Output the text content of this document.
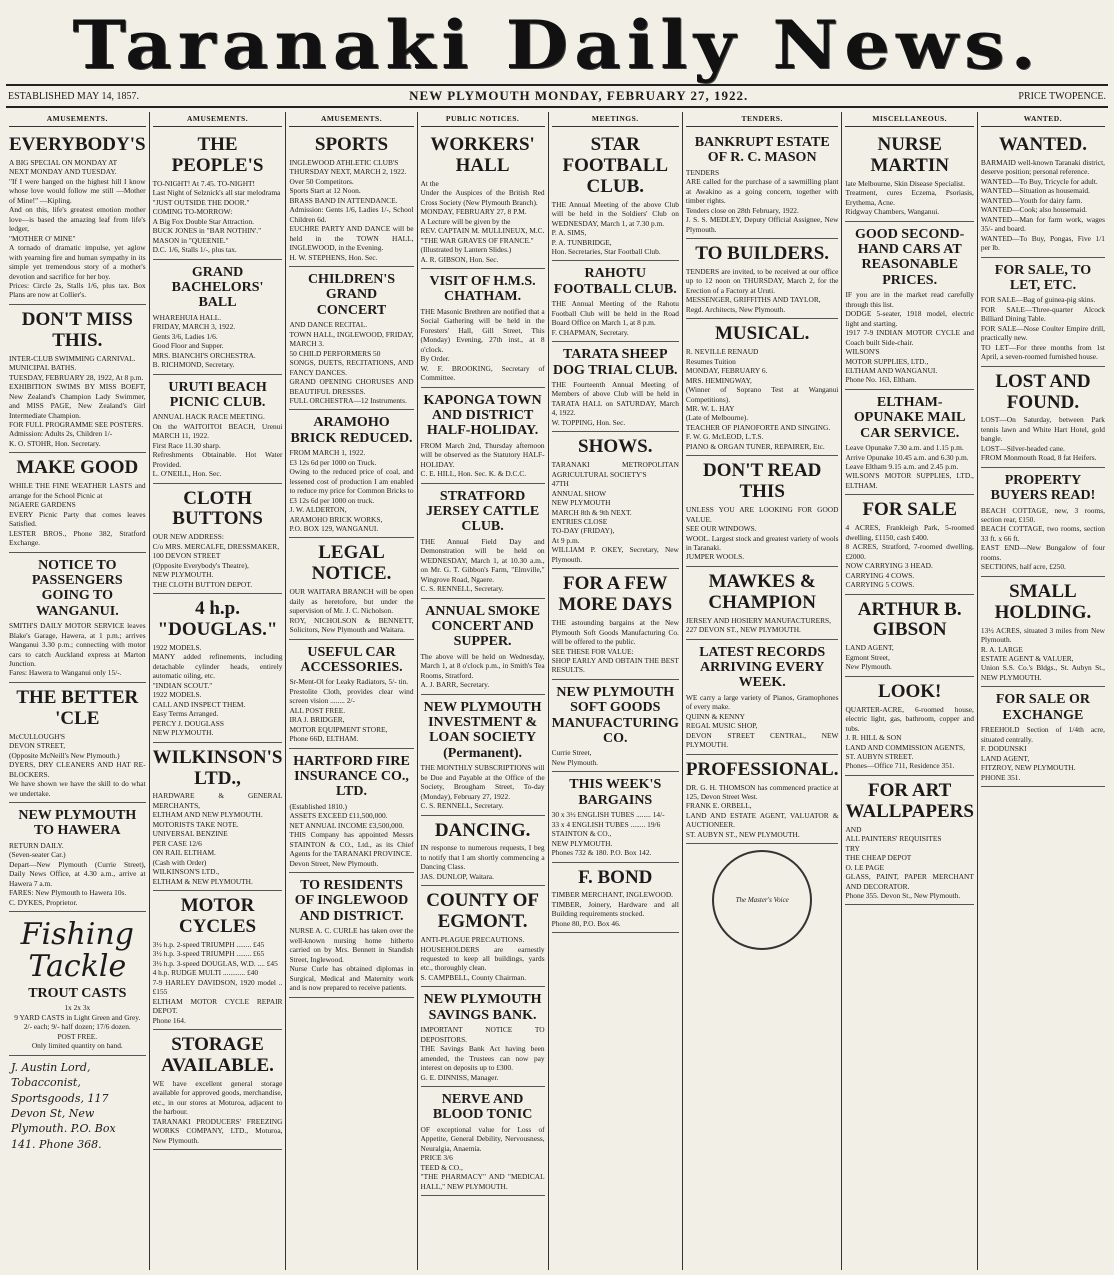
Taranaki Daily News.
ESTABLISHED MAY 14, 1857.	NEW PLYMOUTH MONDAY, FEBRUARY 27, 1922.	PRICE TWOPENCE.
AMUSEMENTS.
EVERYBODY'S
A BIG SPECIAL ON MONDAY AT
NEXT MONDAY AND TUESDAY.
"If I were hanged on the highest hill I know whose love would follow me still —Mother of Mine!" —Kipling.
And on this, life's greatest emotion mother love—is based the amazing leaf from life's ledger,
"MOTHER O' MINE"
A tornado of dramatic impulse, yet aglow with yearning fire and human sympathy in its simple yet tremendous story of a mother's devotion and sacrifice for her boy.
Prices: Circle 2s, Stalls 1/6, plus tax. Box Plans are now at Collier's.
DON'T MISS THIS.
INTER-CLUB SWIMMING CARNIVAL.
MUNICIPAL BATHS.
TUESDAY, FEBRUARY 28, 1922, At 8 p.m.
EXHIBITION SWIMS BY MISS BOEFT, New Zealand's Champion Lady Swimmer, and MISS PAGE, New Zealand's Girl Intermediate Champion.
FOR FULL PROGRAMME SEE POSTERS.
Admission: Adults 2s, Children 1/-
K. O. STOHR, Hon. Secretary.
MAKE GOOD
WHILE THE FINE WEATHER LASTS and arrange for the School Picnic at
NGAERE GARDENS
EVERY Picnic Party that comes leaves Satisfied.
LESTER BROS., Phone 382, Stratford Exchange.
NOTICE TO PASSENGERS GOING TO WANGANUI.
SMITH'S DAILY MOTOR SERVICE leaves Blake's Garage, Hawera, at 1 p.m.; arrives Wanganui 3.30 p.m.; connecting with motor cars to catch Auckland express at Marton Junction.
Fares: Hawera to Wanganui only 15/-.
THE BETTER 'CLE
McCULLOUGH'S
DEVON STREET,
(Opposite McNeill's New Plymouth.)
DYERS, DRY CLEANERS AND HAT RE-BLOCKERS.
We have shown we have the skill to do what we undertake.
NEW PLYMOUTH TO HAWERA
RETURN DAILY.
(Seven-seater Car.)
Depart—New Plymouth (Currie Street), Daily News Office, at 4.30 a.m., arrive at Hawera 7 a.m.
FARES: New Plymouth to Hawera 10s.
C. DYKES, Proprietor.
Fishing Tackle
TROUT CASTS
1x 2x 3x
9 YARD CASTS in Light Green and Grey.
2/- each; 9/- half dozen; 17/6 dozen.
POST FREE.
Only limited quantity on hand.
J. Austin Lord, Tobacconist, Sportsgoods, 117 Devon St, New Plymouth. P.O. Box 141. Phone 368.
AMUSEMENTS.
THE PEOPLE'S
TO-NIGHT! At 7.45. TO-NIGHT!
Last Night of Selznick's all star melodrama
"JUST OUTSIDE THE DOOR."
COMING TO-MORROW:
A Big Fox Double Star Attraction.
BUCK JONES in "BAR NOTHIN'."
MASON in "QUEENIE."
D.C. 1/6, Stalls 1/-, plus tax.
GRAND BACHELORS' BALL
WHAREHUIA HALL.
FRIDAY, MARCH 3, 1922.
Gents 3/6, Ladies 1/6.
Good Floor and Supper.
MRS. BIANCHI'S ORCHESTRA.
B. RICHMOND, Secretary.
URUTI BEACH PICNIC CLUB.
ANNUAL HACK RACE MEETING.
On the WAITOITOI BEACH, Urenui MARCH 11, 1922.
First Race 11.30 sharp.
Refreshments Obtainable. Hot Water Provided.
L. O'NEILL, Hon. Sec.
CLOTH BUTTONS
OUR NEW ADDRESS:
C/o MRS. MERCALFE, DRESSMAKER,
100 DEVON STREET
(Opposite Everybody's Theatre),
NEW PLYMOUTH.
THE CLOTH BUTTON DEPOT.
4 h.p. "DOUGLAS."
1922 MODELS.
MANY added refinements, including detachable cylinder heads, entirely automatic oiling, etc.
"INDIAN SCOUT."
1922 MODELS.
CALL AND INSPECT THEM.
Easy Terms Arranged.
PERCY J. DOUGLASS
NEW PLYMOUTH.
WILKINSON'S LTD.,
HARDWARE & GENERAL MERCHANTS,
ELTHAM AND NEW PLYMOUTH.
MOTORISTS TAKE NOTE.
UNIVERSAL BENZINE
PER CASE 12/6
ON RAIL ELTHAM.
(Cash with Order)
WILKINSON'S LTD.,
ELTHAM & NEW PLYMOUTH.
MOTOR CYCLES
3½ h.p. 2-speed TRIUMPH ........ £45
3½ h.p. 3-speed TRIUMPH ........ £65
3½ h.p. 3-speed DOUGLAS, W.D. .... £45
4 h.p. RUDGE MULTI ............ £40
7-9 HARLEY DAVIDSON, 1920 model .. £155
ELTHAM MOTOR CYCLE REPAIR DEPOT.
Phone 164.
STORAGE AVAILABLE.
WE have excellent general storage available for approved goods, merchandise, etc., in our stores at Moturoa, adjacent to the harbour.
TARANAKI PRODUCERS' FREEZING WORKS COMPANY, LTD., Moturoa, New Plymouth.
AMUSEMENTS.
SPORTS
INGLEWOOD ATHLETIC CLUB'S
THURSDAY NEXT, MARCH 2, 1922.
Over 50 Competitors.
Sports Start at 12 Noon.
BRASS BAND IN ATTENDANCE.
Admission: Gents 1/6, Ladies 1/-, School Children 6d.
EUCHRE PARTY AND DANCE will be held in the TOWN HALL, INGLEWOOD, in the Evening.
H. W. STEPHENS, Hon. Sec.
CHILDREN'S GRAND CONCERT
AND DANCE RECITAL.
TOWN HALL, INGLEWOOD, FRIDAY, MARCH 3.
50 CHILD PERFORMERS 50
SONGS, DUETS, RECITATIONS, AND FANCY DANCES.
GRAND OPENING CHORUSES AND BEAUTIFUL DRESSES.
FULL ORCHESTRA—12 Instruments.
ARAMOHO BRICK REDUCED.
FROM MARCH 1, 1922.
£3 12s 6d per 1000 on Truck.
Owing to the reduced price of coal, and lessened cost of production I am enabled to reduce my price for Common Bricks to £3 12s 6d per 1000 on truck.
J. W. ALDERTON,
ARAMOHO BRICK WORKS,
P.O. BOX 129, WANGANUI.
LEGAL NOTICE.
OUR WAITARA BRANCH will be open daily as heretofore, but under the supervision of Mr. J. C. Nicholson.
ROY, NICHOLSON & BENNETT, Solicitors, New Plymouth and Waitara.
USEFUL CAR ACCESSORIES.
Sr-Ment-Ol for Leaky Radiators, 5/- tin.
Prestolite Cloth, provides clear wind screen vision ........ 2/-
ALL POST FREE.
IRA J. BRIDGER,
MOTOR EQUIPMENT STORE,
Phone 66D, ELTHAM.
HARTFORD FIRE INSURANCE CO., LTD.
(Established 1810.)
ASSETS EXCEED £11,500,000.
NET ANNUAL INCOME £3,500,000.
THIS Company has appointed Messrs STAINTON & CO., Ltd., as its Chief Agents for the TARANAKI PROVINCE.
Devon Street, New Plymouth.
TO RESIDENTS OF INGLEWOOD AND DISTRICT.
NURSE A. C. CURLE has taken over the well-known nursing home hitherto carried on by Mrs. Bennett in Standish Street, Inglewood.
Nurse Curle has obtained diplomas in Surgical, Medical and Maternity work and is now prepared to receive patients.
PUBLIC NOTICES.
WORKERS' HALL
At the
Under the Auspices of the British Red Cross Society (New Plymouth Branch).
MONDAY, FEBRUARY 27, 8 P.M.
A Lecture will be given by the
REV. CAPTAIN M. MULLINEUX, M.C.
"THE WAR GRAVES OF FRANCE."
(Illustrated by Lantern Slides.)
A. R. GIBSON, Hon. Sec.
VISIT OF H.M.S. CHATHAM.
THE Masonic Brethren are notified that a Social Gathering will be held in the Foresters' Hall, Gill Street, This (Monday) Evening, 27th inst., at 8 o'clock.
By Order.
W. F. BROOKING, Secretary of Committee.
KAPONGA TOWN AND DISTRICT HALF-HOLIDAY.
FROM March 2nd, Thursday afternoon will be observed as the Statutory HALF-HOLIDAY.
C. E. HILL, Hon. Sec. K. & D.C.C.
STRATFORD JERSEY CATTLE CLUB.
THE Annual Field Day and Demonstration will be held on WEDNESDAY, March 1, at 10.30 a.m., on Mr. G. T. Gibbon's Farm, "Elmville," Wingrove Road, Ngaere.
C. S. RENNELL, Secretary.
ANNUAL SMOKE CONCERT AND SUPPER.
The above will be held on Wednesday, March 1, at 8 o'clock p.m., in Smith's Tea Rooms, Stratford.
A. J. BARR, Secretary.
NEW PLYMOUTH INVESTMENT & LOAN SOCIETY (Permanent).
THE MONTHLY SUBSCRIPTIONS will be Due and Payable at the Office of the Society, Brougham Street, To-day (Monday), February 27, 1922.
C. S. RENNELL, Secretary.
DANCING.
IN response to numerous requests, I beg to notify that I am shortly commencing a Dancing Class.
JAS. DUNLOP, Waitara.
COUNTY OF EGMONT.
ANTI-PLAGUE PRECAUTIONS.
HOUSEHOLDERS are earnestly requested to keep all buildings, yards etc., thoroughly clean.
S. CAMPBELL, County Chairman.
NEW PLYMOUTH SAVINGS BANK.
IMPORTANT NOTICE TO DEPOSITORS.
THE Savings Bank Act having been amended, the Trustees can now pay interest on deposits up to £300.
G. E. DINNISS, Manager.
NERVE AND BLOOD TONIC
OF exceptional value for Loss of Appetite, General Debility, Nervousness, Neuralgia, Anaemia.
PRICE 3/6
TEED & CO.,
"THE PHARMACY" AND "MEDICAL HALL," NEW PLYMOUTH.
MEETINGS.
STAR FOOTBALL CLUB.
THE Annual Meeting of the above Club will be held in the Soldiers' Club on WEDNESDAY, March 1, at 7.30 p.m.
P. A. SIMS,
P. A. TUNBRIDGE,
Hon. Secretaries, Star Football Club.
RAHOTU FOOTBALL CLUB.
THE Annual Meeting of the Rahotu Football Club will be held in the Road Board Office on March 1, at 8 p.m.
F. CHAPMAN, Secretary.
TARATA SHEEP DOG TRIAL CLUB.
THE Fourteenth Annual Meeting of Members of above Club will be held in TARATA HALL on SATURDAY, March 4, 1922.
W. TOPPING, Hon. Sec.
SHOWS.
TARANAKI METROPOLITAN AGRICULTURAL SOCIETY'S
47TH
ANNUAL SHOW
NEW PLYMOUTH
MARCH 8th & 9th NEXT.
ENTRIES CLOSE
TO-DAY (FRIDAY),
At 9 p.m.
WILLIAM P. OKEY, Secretary, New Plymouth.
FOR A FEW MORE DAYS
THE astounding bargains at the New Plymouth Soft Goods Manufacturing Co. will be offered to the public.
SEE THESE FOR VALUE:
SHOP EARLY AND OBTAIN THE BEST RESULTS.
NEW PLYMOUTH SOFT GOODS MANUFACTURING CO.
Currie Street,
New Plymouth.
THIS WEEK'S BARGAINS
30 x 3½ ENGLISH TUBES ........ 14/-
33 x 4 ENGLISH TUBES ........ 19/6
STAINTON & CO.,
NEW PLYMOUTH.
Phones 732 & 180. P.O. Box 142.
F. BOND
TIMBER MERCHANT, INGLEWOOD.
TIMBER, Joinery, Hardware and all Building requirements stocked.
Phone 80, P.O. Box 46.
TENDERS.
BANKRUPT ESTATE OF R. C. MASON
TENDERS
ARE called for the purchase of a sawmilling plant at Awakino as a going concern, together with timber rights.
Tenders close on 28th February, 1922.
J. S. S. MEDLEY, Deputy Official Assignee, New Plymouth.
TO BUILDERS.
TENDERS are invited, to be received at our office up to 12 noon on THURSDAY, March 2, for the Erection of a Factory at Uruti.
MESSENGER, GRIFFITHS AND TAYLOR,
Regd. Architects, New Plymouth.
MUSICAL.
R. NEVILLE RENAUD
Resumes Tuition
MONDAY, FEBRUARY 6.
MRS. HEMINGWAY,
(Winner of Soprano Test at Wanganui Competitions).
MR. W. L. HAY
(Late of Melbourne).
TEACHER OF PIANOFORTE AND SINGING.
F. W. G. McLEOD, L.T.S.
PIANO & ORGAN TUNER, REPAIRER, Etc.
DON'T READ THIS
UNLESS YOU ARE LOOKING FOR GOOD VALUE.
SEE OUR WINDOWS.
WOOL. Largest stock and greatest variety of wools in Taranaki.
JUMPER WOOLS.
MAWKES & CHAMPION
JERSEY AND HOSIERY MANUFACTURERS,
227 DEVON ST., NEW PLYMOUTH.
LATEST RECORDS ARRIVING EVERY WEEK.
WE carry a large variety of Pianos, Gramophones of every make.
QUINN & KENNY
REGAL MUSIC SHOP,
DEVON STREET CENTRAL, NEW PLYMOUTH.
PROFESSIONAL.
DR. G. H. THOMSON has commenced practice at 125, Devon Street West.
FRANK E. ORBELL,
LAND AND ESTATE AGENT, VALUATOR & AUCTIONEER.
ST. AUBYN ST., NEW PLYMOUTH.
The Master's Voice
MISCELLANEOUS.
NURSE MARTIN
late Melbourne, Skin Disease Specialist.
Treatment, cures Eczema, Psoriasis, Erythema, Acne.
Ridgway Chambers, Wanganui.
GOOD SECOND-HAND CARS AT REASONABLE PRICES.
IF you are in the market read carefully through this list.
DODGE 5-seater, 1918 model, electric light and starting.
1917 7-9 INDIAN MOTOR CYCLE and Coach built Side-chair.
WILSON'S
MOTOR SUPPLIES, LTD.,
ELTHAM AND WANGANUI.
Phone No. 163, Eltham.
ELTHAM-OPUNAKE MAIL CAR SERVICE.
Leave Opunake 7.30 a.m. and 1.15 p.m.
Arrive Opunake 10.45 a.m. and 6.30 p.m.
Leave Eltham 9.15 a.m. and 2.45 p.m.
WILSON'S MOTOR SUPPLIES, LTD., ELTHAM.
FOR SALE
4 ACRES, Frankleigh Park, 5-roomed dwelling, £1150, cash £400.
8 ACRES, Stratford, 7-roomed dwelling, £2000.
NOW CARRYING 3 HEAD.
CARRYING 4 COWS.
CARRYING 5 COWS.
ARTHUR B. GIBSON
LAND AGENT,
Egmont Street,
New Plymouth.
LOOK!
QUARTER-ACRE, 6-roomed house, electric light, gas, bathroom, copper and tubs.
J. R. HILL & SON
LAND AND COMMISSION AGENTS,
ST. AUBYN STREET.
Phones—Office 711, Residence 351.
FOR ART WALLPAPERS
AND
ALL PAINTERS' REQUISITES
TRY
THE CHEAP DEPOT
O. LE PAGE
GLASS, PAINT, PAPER MERCHANT AND DECORATOR.
Phone 355. Devon St., New Plymouth.
WANTED.
WANTED.
BARMAID well-known Taranaki district, deserve position; personal reference.
WANTED—To Buy, Tricycle for adult.
WANTED—Situation as housemaid.
WANTED—Youth for dairy farm.
WANTED—Cook; also housemaid.
WANTED—Man for farm work, wages 35/- and board.
WANTED—To Buy, Pongas, Five 1/1 per lb.
FOR SALE, TO LET, ETC.
FOR SALE—Bag of guinea-pig skins.
FOR SALE—Three-quarter Alcock Billiard Dining Table.
FOR SALE—Nose Coulter Empire drill, practically new.
TO LET—For three months from 1st April, a seven-roomed furnished house.
LOST AND FOUND.
LOST—On Saturday, between Park tennis lawn and White Hart Hotel, gold bangle.
LOST—Silver-headed cane.
FROM Monmouth Road, 8 fat Heifers.
PROPERTY BUYERS READ!
BEACH COTTAGE, new, 3 rooms, section rear, £150.
BEACH COTTAGE, two rooms, section 33 ft. x 66 ft.
EAST END—New Bungalow of four rooms.
SECTIONS, half acre, £250.
SMALL HOLDING.
13½ ACRES, situated 3 miles from New Plymouth.
R. A. LARGE
ESTATE AGENT & VALUER,
Union S.S. Co.'s Bldgs., St. Aubyn St., NEW PLYMOUTH.
FOR SALE OR EXCHANGE
FREEHOLD Section of 1/4th acre, situated centrally.
F. DODUNSKI
LAND AGENT,
FITZROY, NEW PLYMOUTH.
PHONE 351.
